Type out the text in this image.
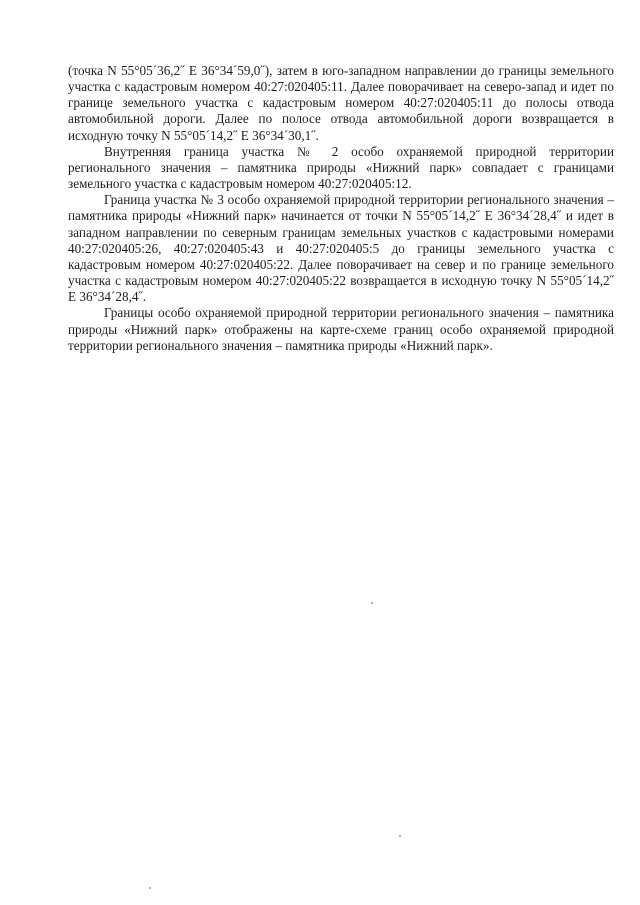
(точка N 55°05´36,2˝ E 36°34´59,0˝), затем в юго-западном направлении до границы земельного участка с кадастровым номером 40:27:020405:11. Далее поворачивает на северо-запад и идет по границе земельного участка с кадастровым номером 40:27:020405:11 до полосы отвода автомобильной дороги. Далее по полосе отвода автомобильной дороги возвращается в исходную точку N 55°05´14,2˝ E 36°34´30,1˝.

Внутренняя граница участка № 2 особо охраняемой природной территории регионального значения – памятника природы «Нижний парк» совпадает с границами земельного участка с кадастровым номером 40:27:020405:12.

Граница участка № 3 особо охраняемой природной территории регионального значения – памятника природы «Нижний парк» начинается от точки N 55°05´14,2˝ E 36°34´28,4˝ и идет в западном направлении по северным границам земельных участков с кадастровыми номерами 40:27:020405:26, 40:27:020405:43 и 40:27:020405:5 до границы земельного участка с кадастровым номером 40:27:020405:22. Далее поворачивает на север и по границе земельного участка с кадастровым номером 40:27:020405:22 возвращается в исходную точку N 55°05´14,2˝ E 36°34´28,4˝.

Границы особо охраняемой природной территории регионального значения – памятника природы «Нижний парк» отображены на карте-схеме границ особо охраняемой природной территории регионального значения – памятника природы «Нижний парк».
